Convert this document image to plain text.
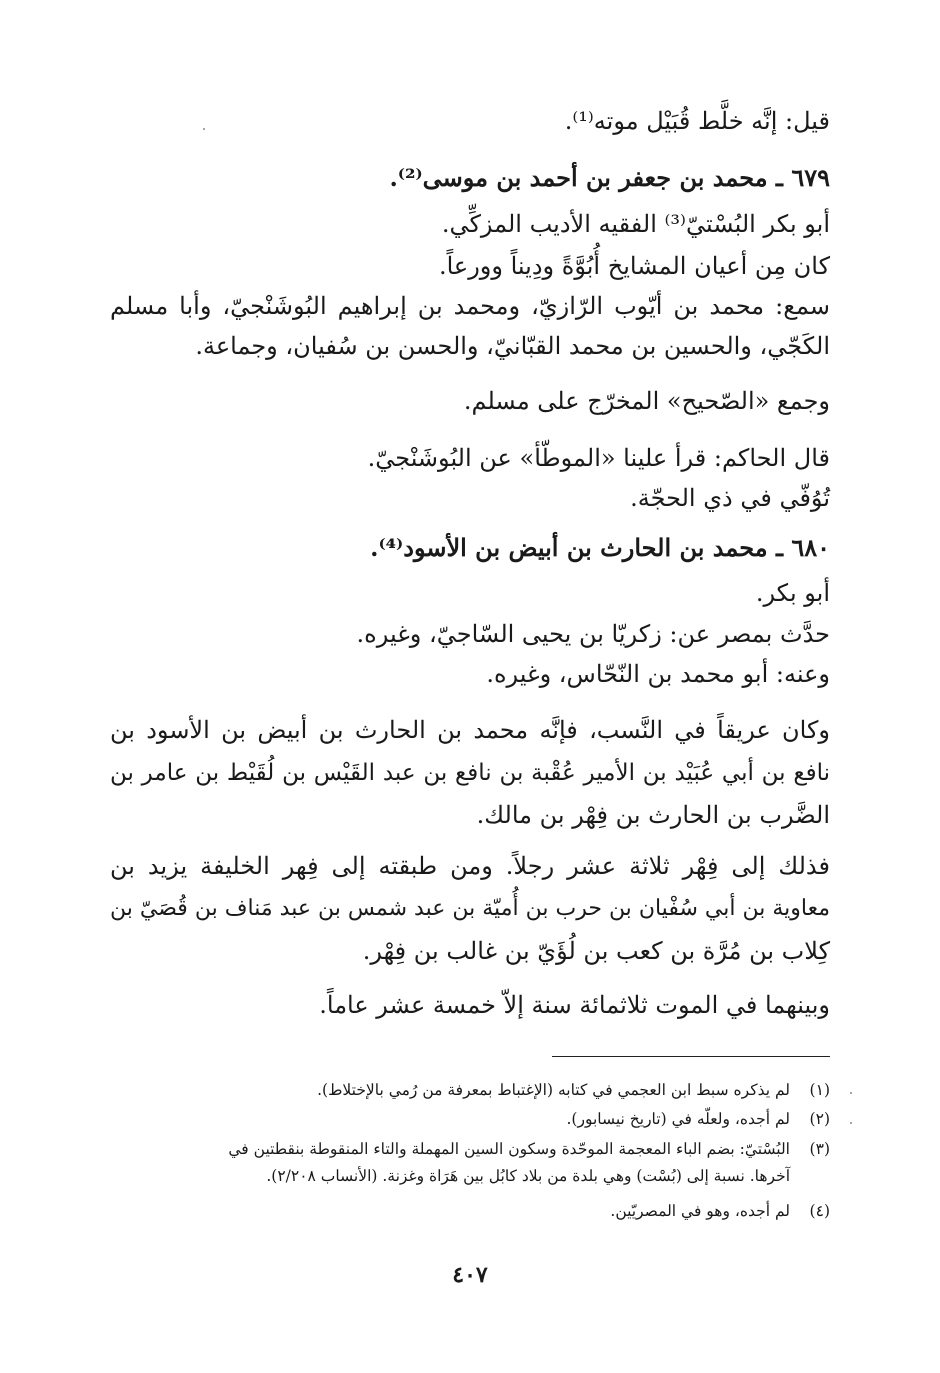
قيل: إنَّه خلَّط قُبَيْل موته⁽¹⁾.
٦٧٩ ـ محمد بن جعفر بن أحمد بن موسى⁽²⁾.
أبو بكر البُسْتيّ⁽³⁾ الفقيه الأديب المزكِّي.
كان مِن أعيان المشايخ أُبُوَّةً ودِيناً وورعاً.
سمع: محمد بن أيّوب الرّازيّ، ومحمد بن إبراهيم البُوشَنْجيّ، وأبا مسلم
الكَجّي، والحسين بن محمد القبّانيّ، والحسن بن سُفيان، وجماعة.
وجمع «الصّحيح» المخرّج على مسلم.
قال الحاكم: قرأ علينا «الموطّأ» عن البُوشَنْجيّ.
تُوُفّي في ذي الحجّة.
٦٨٠ ـ محمد بن الحارث بن أبيض بن الأسود⁽⁴⁾.
أبو بكر.
حدَّث بمصر عن: زكريّا بن يحيى السّاجيّ، وغيره.
وعنه: أبو محمد بن النّحّاس، وغيره.
وكان عريقاً في النَّسب، فإنَّه محمد بن الحارث بن أبيض بن الأسود بن
نافع بن أبي عُبَيْد بن الأمير عُقْبة بن نافع بن عبد القَيْس بن لُقَيْط بن عامر بن
الضَّرب بن الحارث بن فِهْر بن مالك.
فذلك إلى فِهْر ثلاثة عشر رجلاً. ومن طبقته إلى فِهر الخليفة يزيد بن
معاوية بن أبي سُفْيان بن حرب بن أُميّة بن عبد شمس بن عبد مَناف بن قُصَيّ بن
كِلاب بن مُرَّة بن كعب بن لُؤَيّ بن غالب بن فِهْر.
وبينهما في الموت ثلاثمائة سنة إلاّ خمسة عشر عاماً.
(١)لم يذكره سبط ابن العجمي في كتابه (الإغتباط بمعرفة من رُمي بالإختلاط).
(٢)لم أجده، ولعلّه في (تاريخ نيسابور).
(٣)البُسْتيّ: بضم الباء المعجمة الموحّدة وسكون السين المهملة والتاء المنقوطة بنقطتين في
آخرها. نسبة إلى (بُسْت) وهي بلدة من بلاد كابُل بين هَرَاة وغزنة. (الأنساب ٢/٢٠٨).
(٤)لم أجده، وهو في المصريّين.
٤٠٧
